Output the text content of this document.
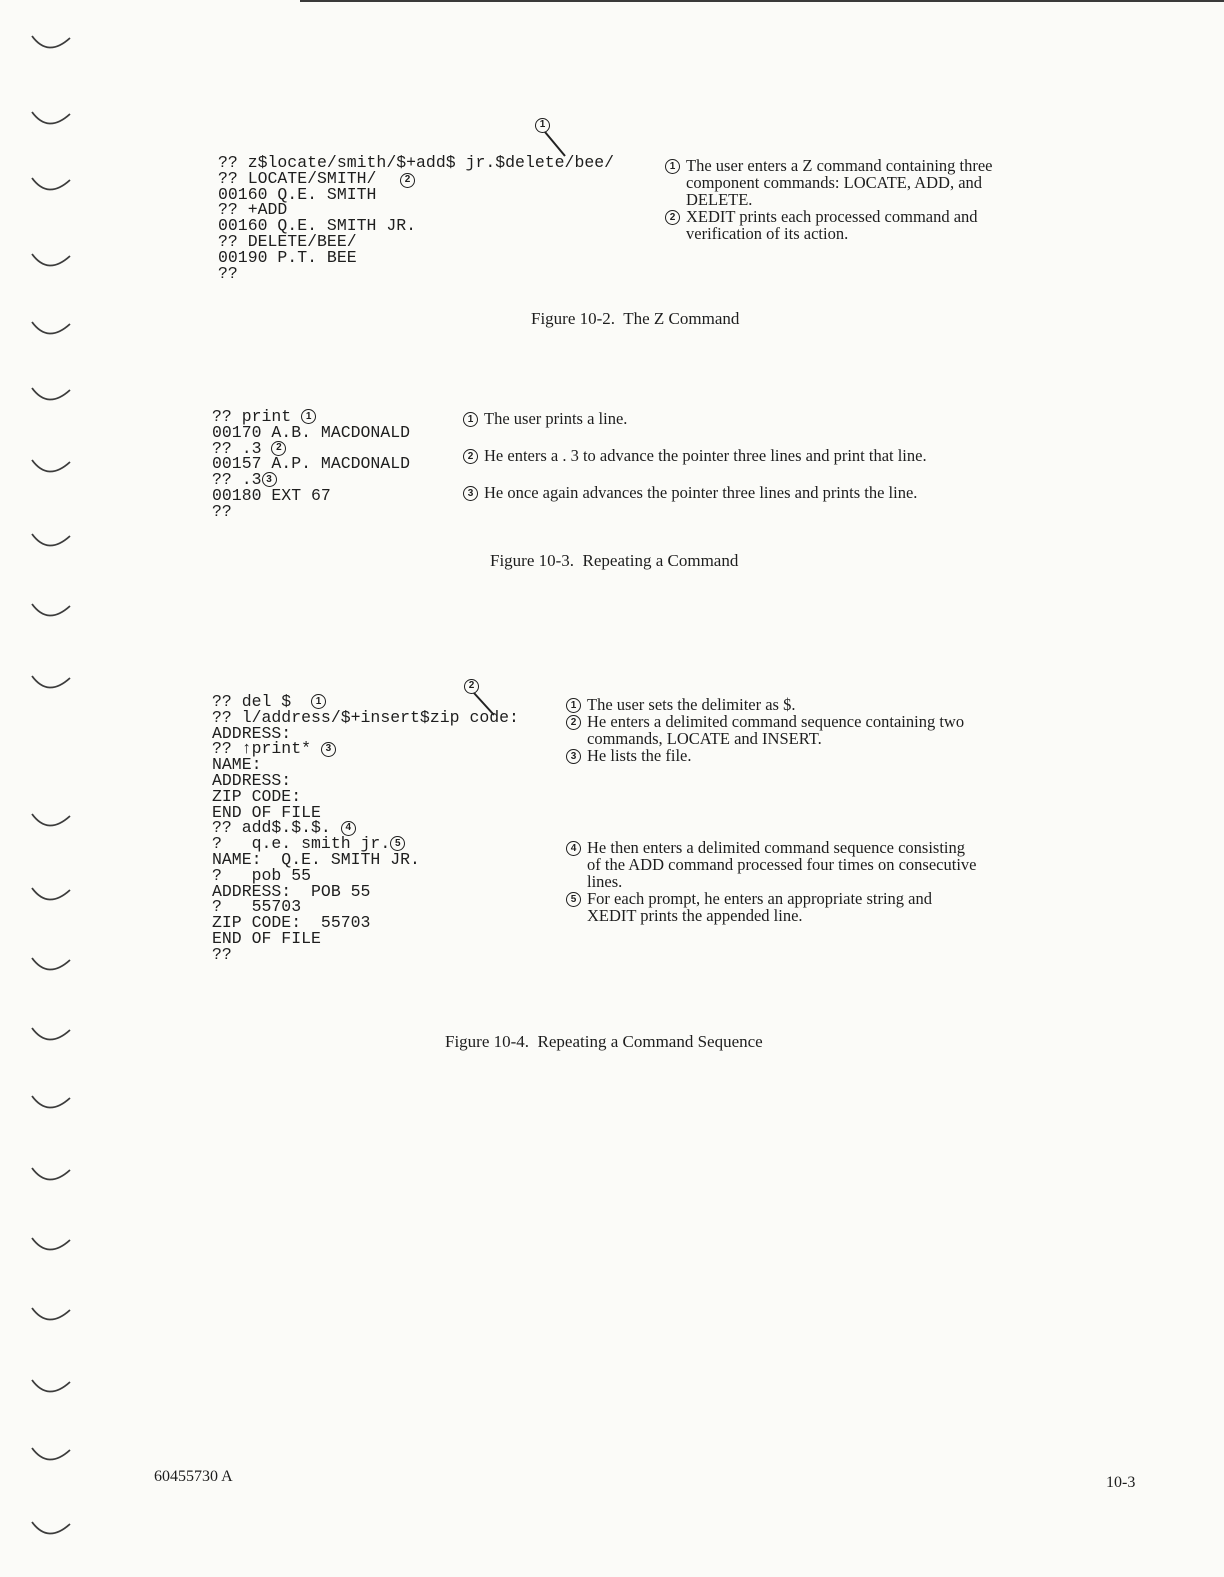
?? z$locate/smith/$+add$ jr.$delete/bee/
?? LOCATE/SMITH/
00160 Q.E. SMITH
?? +ADD
00160 Q.E. SMITH JR.
?? DELETE/BEE/
00190 P.T. BEE
??
1
2
1 The user enters a Z command containing three
component commands: LOCATE, ADD, and
DELETE.
2 XEDIT prints each processed command and
verification of its action.
Figure 10-2.  The Z Command
?? print 1
00170 A.B. MACDONALD
?? .3 2
00157 A.P. MACDONALD
?? .3 3
00180 EXT 67
??
1 The user prints a line.
2 He enters a . 3 to advance the pointer three lines and print that line.
3 He once again advances the pointer three lines and prints the line.
Figure 10-3.  Repeating a Command
?? del $ 1
?? l/address/$+insert$zip code:
ADDRESS:
?? ↑print* 3
NAME:
ADDRESS:
ZIP CODE:
END OF FILE
?? add$.$.$. 4
?   q.e. smith jr. 5
NAME:  Q.E. SMITH JR.
?   pob 55
ADDRESS:  POB 55
?   55703
ZIP CODE:  55703
END OF FILE
??
2
1 The user sets the delimiter as $.
2 He enters a delimited command sequence containing two
commands, LOCATE and INSERT.
3 He lists the file.
4 He then enters a delimited command sequence consisting
of the ADD command processed four times on consecutive
lines.
5 For each prompt, he enters an appropriate string and
XEDIT prints the appended line.
Figure 10-4.  Repeating a Command Sequence
60455730 A	10-3
